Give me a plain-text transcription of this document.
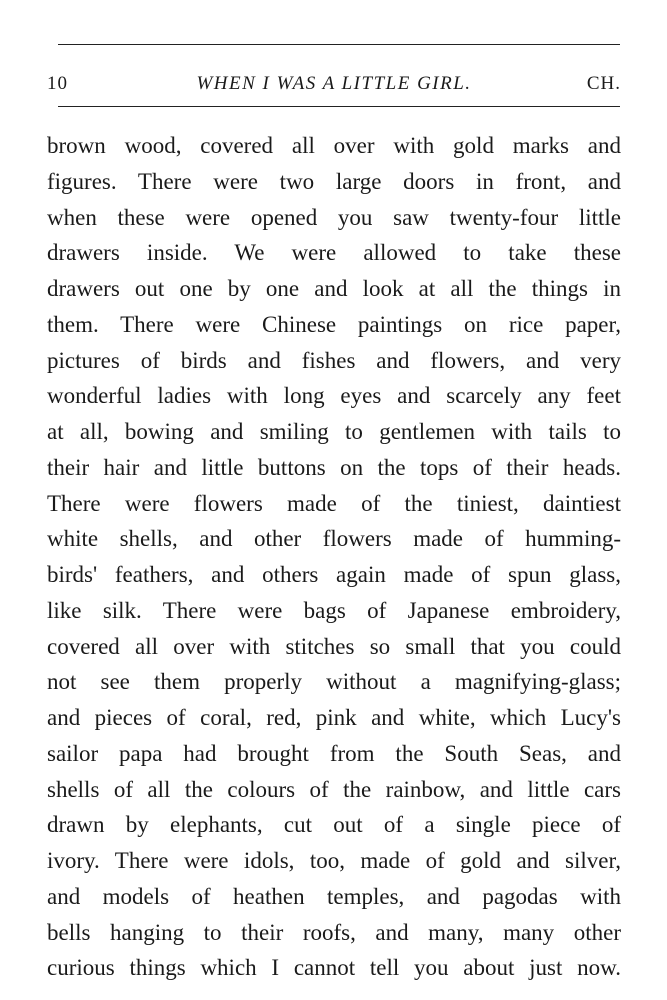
10	WHEN I WAS A LITTLE GIRL.	CH.
brown wood, covered all over with gold marks and
figures. There were two large doors in front, and
when these were opened you saw twenty-four little
drawers inside. We were allowed to take these
drawers out one by one and look at all the things in
them. There were Chinese paintings on rice paper,
pictures of birds and fishes and flowers, and very
wonderful ladies with long eyes and scarcely any feet
at all, bowing and smiling to gentlemen with tails to
their hair and little buttons on the tops of their heads.
There were flowers made of the tiniest, daintiest
white shells, and other flowers made of humming-
birds' feathers, and others again made of spun glass,
like silk. There were bags of Japanese embroidery,
covered all over with stitches so small that you could
not see them properly without a magnifying-glass;
and pieces of coral, red, pink and white, which Lucy's
sailor papa had brought from the South Seas, and
shells of all the colours of the rainbow, and little cars
drawn by elephants, cut out of a single piece of
ivory. There were idols, too, made of gold and silver,
and models of heathen temples, and pagodas with
bells hanging to their roofs, and many, many other
curious things which I cannot tell you about just now.
